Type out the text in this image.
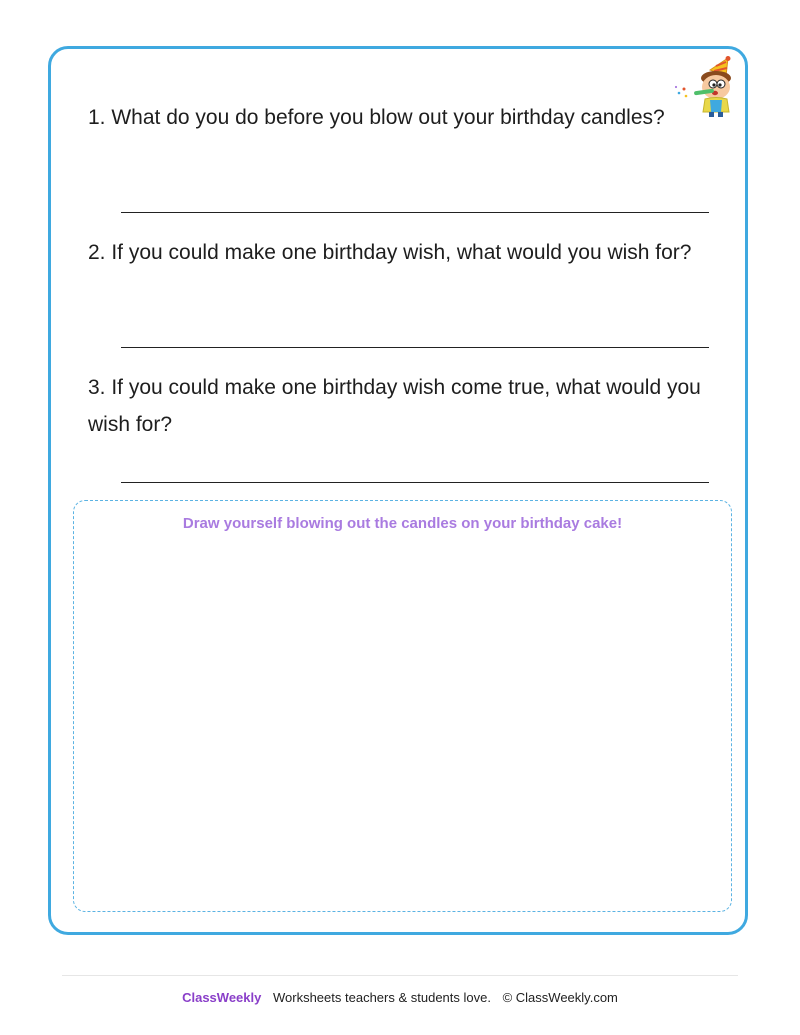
1. What do you do before you blow out your birthday candles?

2. If you could make one birthday wish, what would you wish for?

3. If you could make one birthday wish come true, what would you wish for?

Draw yourself blowing out the candles on your birthday cake!

ClassWeekly Worksheets teachers & students love. © ClassWeekly.com
